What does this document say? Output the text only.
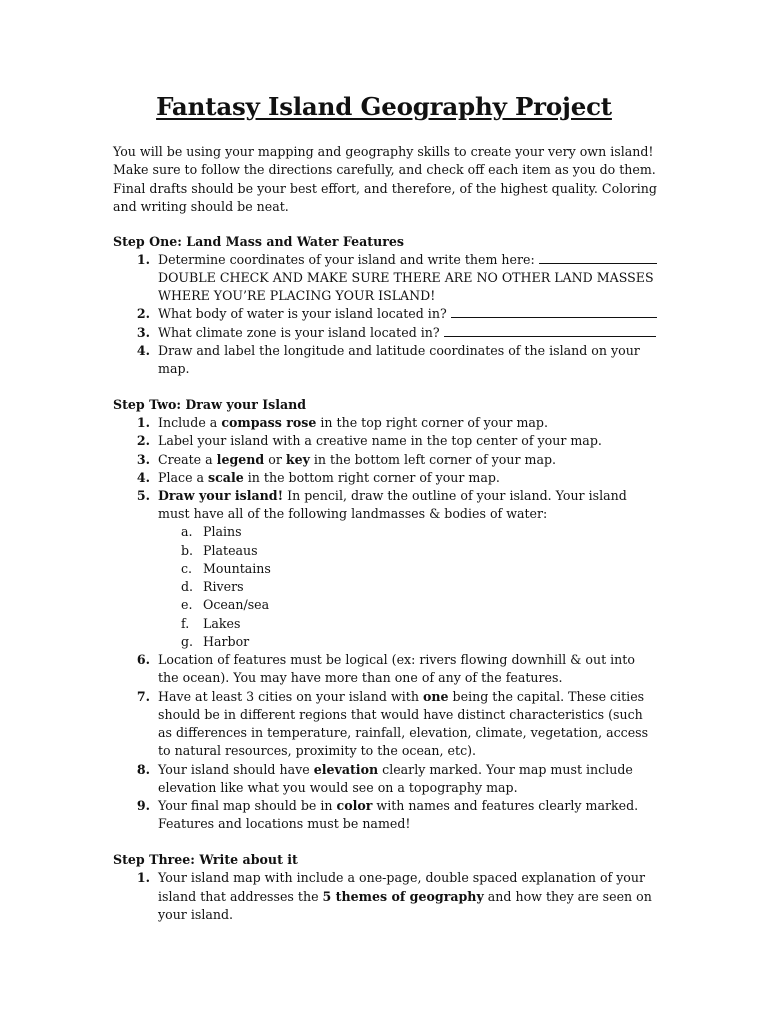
Fantasy Island Geography Project
You will be using your mapping and geography skills to create your very own island! Make sure to follow the directions carefully, and check off each item as you do them. Final drafts should be your best effort, and therefore, of the highest quality. Coloring and writing should be neat.
Step One: Land Mass and Water Features
1. Determine coordinates of your island and write them here:
DOUBLE CHECK AND MAKE SURE THERE ARE NO OTHER LAND MASSES
WHERE YOU’RE PLACING YOUR ISLAND!
2. What body of water is your island located in?
3. What climate zone is your island located in?
4. Draw and label the longitude and latitude coordinates of the island on your
map.
Step Two: Draw your Island
1. Include a compass rose in the top right corner of your map.
2. Label your island with a creative name in the top center of your map.
3. Create a legend or key in the bottom left corner of your map.
4. Place a scale in the bottom right corner of your map.
5. Draw your island! In pencil, draw the outline of your island. Your island
must have all of the following landmasses & bodies of water:
a. Plains
b. Plateaus
c. Mountains
d. Rivers
e. Ocean/sea
f. Lakes
g. Harbor
6. Location of features must be logical (ex: rivers flowing downhill & out into
the ocean). You may have more than one of any of the features.
7. Have at least 3 cities on your island with one being the capital. These cities
should be in different regions that would have distinct characteristics (such
as differences in temperature, rainfall, elevation, climate, vegetation, access
to natural resources, proximity to the ocean, etc).
8. Your island should have elevation clearly marked. Your map must include
elevation like what you would see on a topography map.
9. Your final map should be in color with names and features clearly marked.
Features and locations must be named!
Step Three: Write about it
1. Your island map with include a one-page, double spaced explanation of your
island that addresses the 5 themes of geography and how they are seen on
your island.
